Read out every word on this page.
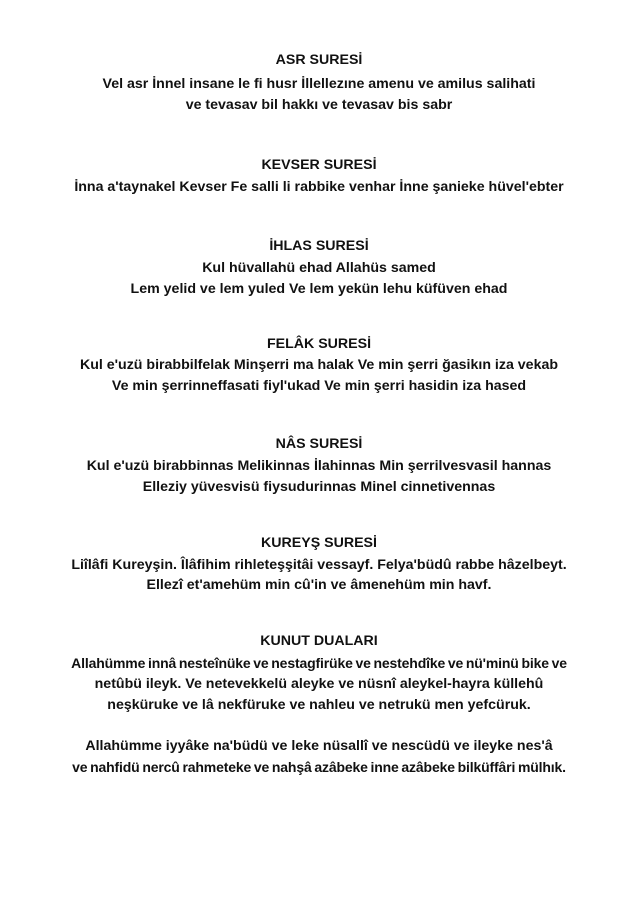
ASR SURESİ
Vel asr İnnel insane le fi husr İllellezıne amenu ve amilus salihati
ve tevasav bil hakkı ve tevasav bis sabr
KEVSER SURESİ
İnna a'taynakel Kevser Fe salli li rabbike venhar İnne şanieke hüvel'ebter
İHLAS SURESİ
Kul hüvallahü ehad Allahüs samed
Lem yelid ve lem yuled Ve lem yekün lehu küfüven ehad
FELÂK SURESİ
Kul e'uzü birabbilfelak Minşerri ma halak Ve min şerri ğasikın iza vekab
Ve min şerrinneffasati fiyl'ukad Ve min şerri hasidin iza hased
NÂS SURESİ
Kul e'uzü birabbinnas Melikinnas İlahinnas Min şerrilvesvasil hannas
Elleziy yüvesvisü fiysudurinnas Minel cinnetivennas
KUREYŞ SURESİ
Liîlâfi Kureyşin. Îlâfihim rihleteşşitâi vessayf. Felya'büdû rabbe hâzelbeyt.
Ellezî et'amehüm min cû'in ve âmenehüm min havf.
KUNUT DUALARI
Allahümme innâ nesteînüke ve nestagfirüke ve nestehdîke ve nü'minü bike ve
netûbü ileyk. Ve netevekkelü aleyke ve nüsnî aleykel-hayra küllehû
neşküruke ve lâ nekfüruke ve nahleu ve netrukü men yefcüruk.
Allahümme iyyâke na'büdü ve leke nüsallî ve nescüdü ve ileyke nes'â
ve nahfidü nercû rahmeteke ve nahşâ azâbeke inne azâbeke bilküffâri mülhık.
